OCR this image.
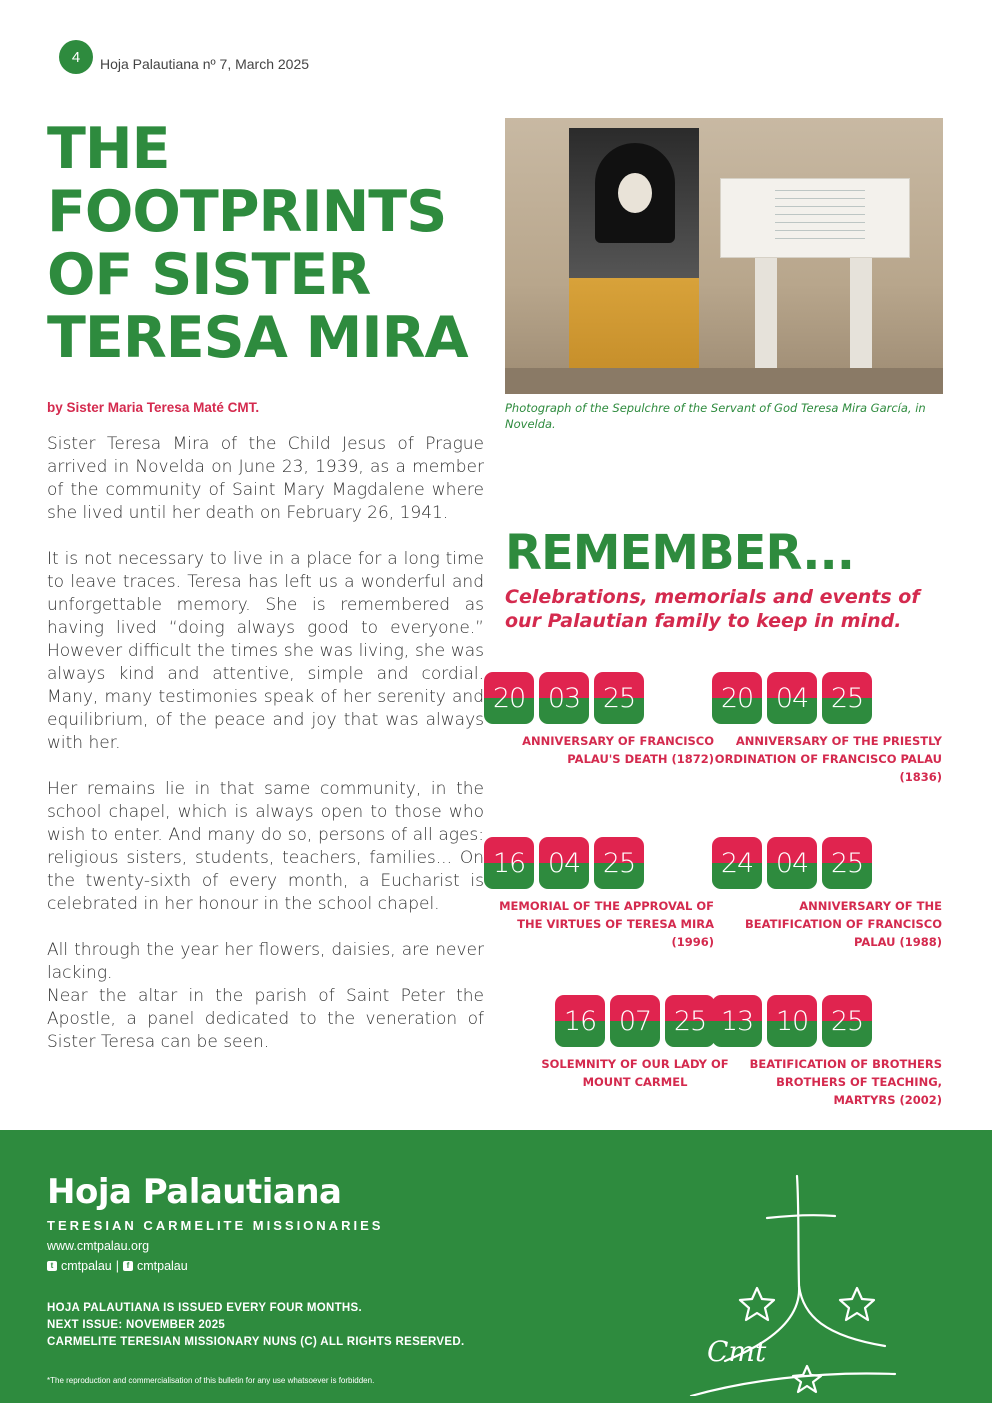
4	Hoja Palautiana nº 7, March 2025
THE FOOTPRINTS OF SISTER TERESA MIRA
by Sister Maria Teresa Maté CMT.

Sister Teresa Mira of the Child Jesus of Prague arrived in Novelda on June 23, 1939, as a member of the community of Saint Mary Magdalene where she lived until her death on February 26, 1941.

It is not necessary to live in a place for a long time to leave traces. Teresa has left us a wonderful and unforgettable memory. She is remembered as having lived “doing always good to everyone.” However difficult the times she was living, she was always kind and attentive, simple and cordial. Many, many testimonies speak of her serenity and equilibrium, of the peace and joy that was always with her.

Her remains lie in that same community, in the school chapel, which is always open to those who wish to enter. And many do so, persons of all ages: religious sisters, students, teachers, families... On the twenty-sixth of every month, a Eucharist is celebrated in her honour in the school chapel.

All through the year her flowers, daisies, are never lacking.

Near the altar in the parish of Saint Peter the Apostle, a panel dedicated to the veneration of Sister Teresa can be seen.

Photograph of the Sepulchre of the Servant of God Teresa Mira García, in Novelda.
REMEMBER...
Celebrations, memorials and events of our Palautian family to keep in mind.
20 03 25
ANNIVERSARY OF FRANCISCO PALAU'S DEATH (1872)
20 04 25
ANNIVERSARY OF THE PRIESTLY ORDINATION OF FRANCISCO PALAU (1836)
16 04 25
MEMORIAL OF THE APPROVAL OF THE VIRTUES OF TERESA MIRA (1996)
24 04 25
ANNIVERSARY OF THE BEATIFICATION OF FRANCISCO PALAU (1988)
16 07 25
SOLEMNITY OF OUR LADY OF MOUNT CARMEL
13 10 25
BEATIFICATION OF BROTHERS BROTHERS OF TEACHING, MARTYRS (2002)
Hoja Palautiana
TERESIAN CARMELITE MISSIONARIES
www.cmtpalau.org
t cmtpalau | f cmtpalau
HOJA PALAUTIANA IS ISSUED EVERY FOUR MONTHS.
NEXT ISSUE: NOVEMBER 2025
CARMELITE TERESIAN MISSIONARY NUNS (C) ALL RIGHTS RESERVED.
*The reproduction and commercialisation of this bulletin for any use whatsoever is forbidden.
Cmt
